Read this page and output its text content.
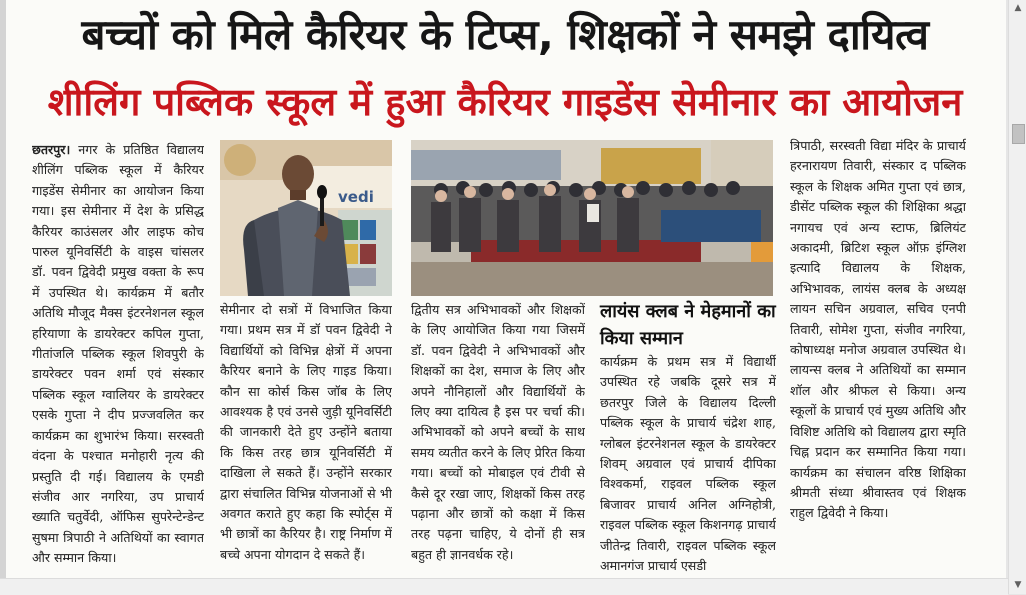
बच्चों को मिले कैरियर के टिप्स, शिक्षकों ने समझे दायित्व
शीलिंग पब्लिक स्कूल में हुआ कैरियर गाइडेंस सेमीनार का आयोजन

छतरपुर। नगर के प्रतिष्ठित विद्यालय शीलिंग पब्लिक स्कूल में कैरियर गाइडेंस सेमीनार का आयोजन किया गया। इस सेमीनार में देश के प्रसिद्ध कैरियर काउंसलर और लाइफ कोच पारुल यूनिवर्सिटी के वाइस चांसलर डॉ. पवन द्विवेदी प्रमुख वक्ता के रूप में उपस्थित थे। कार्यक्रम में बतौर अतिथि मौजूद मैक्स इंटरनेशनल स्कूल हरियाणा के डायरेक्टर कपिल गुप्ता, गीतांजलि पब्लिक स्कूल शिवपुरी के डायरेक्टर पवन शर्मा एवं संस्कार पब्लिक स्कूल ग्वालियर के डायरेक्टर एसके गुप्ता ने दीप प्रज्जवलित कर कार्यक्रम का शुभारंभ किया। सरस्वती वंदना के पश्चात मनोहारी नृत्य की प्रस्तुति दी गई। विद्यालय के एमडी संजीव आर नगरिया, उप प्राचार्य ख्याति चतुर्वेदी, ऑफिस सुपरेन्टेन्डेन्ट सुषमा त्रिपाठी ने अतिथियों का स्वागत और सम्मान किया।

vedi

सेमीनार दो सत्रों में विभाजित किया गया। प्रथम सत्र में डॉ पवन द्विवेदी ने विद्यार्थियों को विभिन्न क्षेत्रों में अपना कैरियर बनाने के लिए गाइड किया। कौन सा कोर्स किस जॉब के लिए आवश्यक है एवं उनसे जुड़ी यूनिवर्सिटी की जानकारी देते हुए उन्होंने बताया कि किस तरह छात्र यूनिवर्सिटी में दाखिला ले सकते हैं। उन्होंने सरकार द्वारा संचालित विभिन्न योजनाओं से भी अवगत कराते हुए कहा कि स्पोर्ट्स में भी छात्रों का कैरियर है। राष्ट्र निर्माण में बच्चे अपना योगदान दे सकते हैं।

द्वितीय सत्र अभिभावकों और शिक्षकों के लिए आयोजित किया गया जिसमें डॉ. पवन द्विवेदी ने अभिभावकों और शिक्षकों का देश, समाज के लिए और अपने नौनिहालों और विद्यार्थियों के लिए क्या दायित्व है इस पर चर्चा की। अभिभावकों को अपने बच्चों के साथ समय व्यतीत करने के लिए प्रेरित किया गया। बच्चों को मोबाइल एवं टीवी से कैसे दूर रखा जाए, शिक्षकों किस तरह पढ़ाना और छात्रों को कक्षा में किस तरह पढ़ना चाहिए, ये दोनों ही सत्र बहुत ही ज्ञानवर्धक रहे।

लायंस क्लब ने मेहमानों का किया सम्मान

कार्यक्रम के प्रथम सत्र में विद्यार्थी उपस्थित रहे जबकि दूसरे सत्र में छतरपुर जिले के विद्यालय दिल्ली पब्लिक स्कूल के प्राचार्य चंद्रेश शाह, ग्लोबल इंटरनेशनल स्कूल के डायरेक्टर शिवम् अग्रवाल एवं प्राचार्य दीपिका विश्वकर्मा, राइवल पब्लिक स्कूल बिजावर प्राचार्य अनिल अग्निहोत्री, राइवल पब्लिक स्कूल किशनगढ़ प्राचार्य जीतेन्द्र तिवारी, राइवल पब्लिक स्कूल अमानगंज प्राचार्य एसडी

त्रिपाठी, सरस्वती विद्या मंदिर के प्राचार्य हरनारायण तिवारी, संस्कार द पब्लिक स्कूल के शिक्षक अमित गुप्ता एवं छात्र, डीसेंट पब्लिक स्कूल की शिक्षिका श्रद्धा नगायच एवं अन्य स्टाफ, ब्रिलियंट अकादमी, ब्रिटिश स्कूल ऑफ़ इंग्लिश इत्यादि विद्यालय के शिक्षक, अभिभावक, लायंस क्लब के अध्यक्ष लायन सचिन अग्रवाल, सचिव एनपी तिवारी, सोमेश गुप्ता, संजीव नगरिया, कोषाध्यक्ष मनोज अग्रवाल उपस्थित थे। लायन्स क्लब ने अतिथियों का सम्मान शॉल और श्रीफल से किया। अन्य स्कूलों के प्राचार्य एवं मुख्य अतिथि और विशिष्ट अतिथि को विद्यालय द्वारा स्मृति चिह्न प्रदान कर सम्मानित किया गया। कार्यक्रम का संचालन वरिष्ठ शिक्षिका श्रीमती संध्या श्रीवास्तव एवं शिक्षक राहुल द्विवेदी ने किया।

▲
▼
